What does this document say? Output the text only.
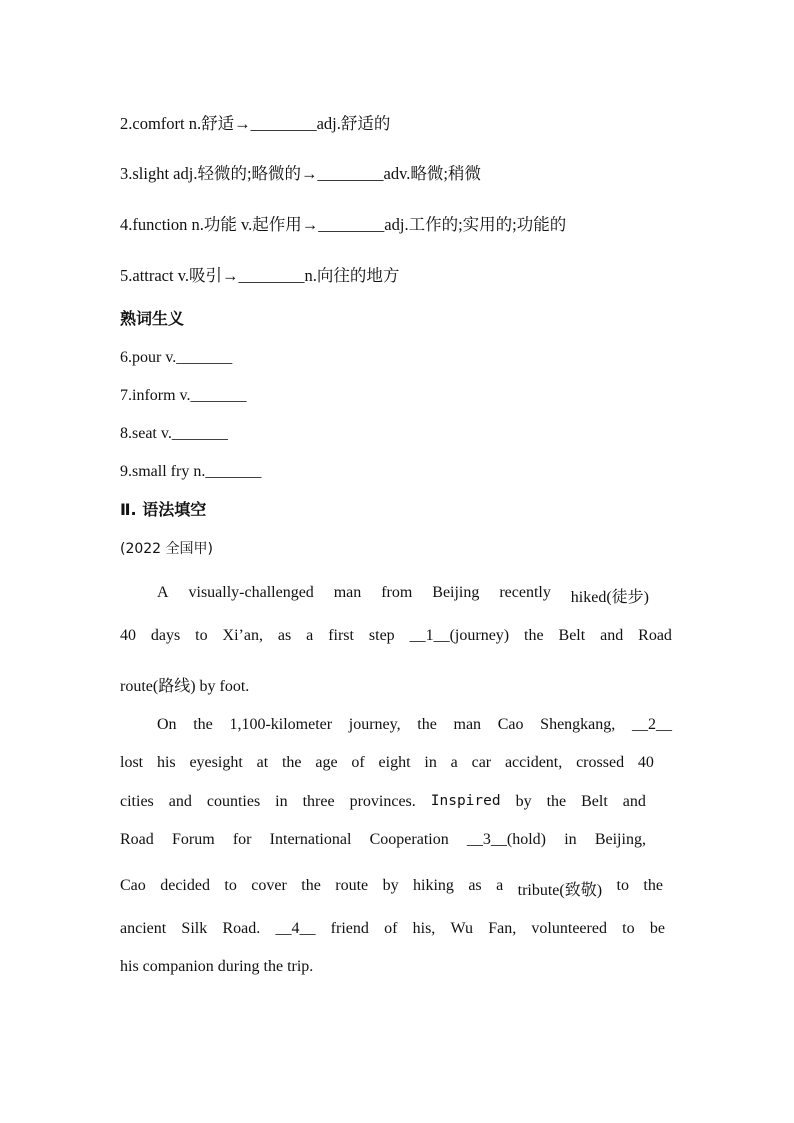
2.comfort n.舒适→________adj.舒适的
3.slight adj.轻微的;略微的→________adv.略微;稍微
4.function n.功能 v.起作用→________adj.工作的;实用的;功能的
5.attract v.吸引→________n.向往的地方
熟词生义
6.pour v._______
7.inform v._______
8.seat v._______
9.small fry n._______
Ⅱ. 语法填空
(2022 全国甲)
A visually-challenged man from Beijing recently hiked(徒步)
40 days to Xi’an, as a first step __1__(journey) the Belt and Road
route(路线) by foot.
On the 1,100-kilometer journey, the man Cao Shengkang, __2__
lost his eyesight at the age of eight in a car accident, crossed 40
cities and counties in three provinces. Inspired by the Belt and
Road Forum for International Cooperation __3__(hold) in Beijing,
Cao decided to cover the route by hiking as a tribute(致敬) to the
ancient Silk Road. __4__ friend of his, Wu Fan, volunteered to be
his companion during the trip.
